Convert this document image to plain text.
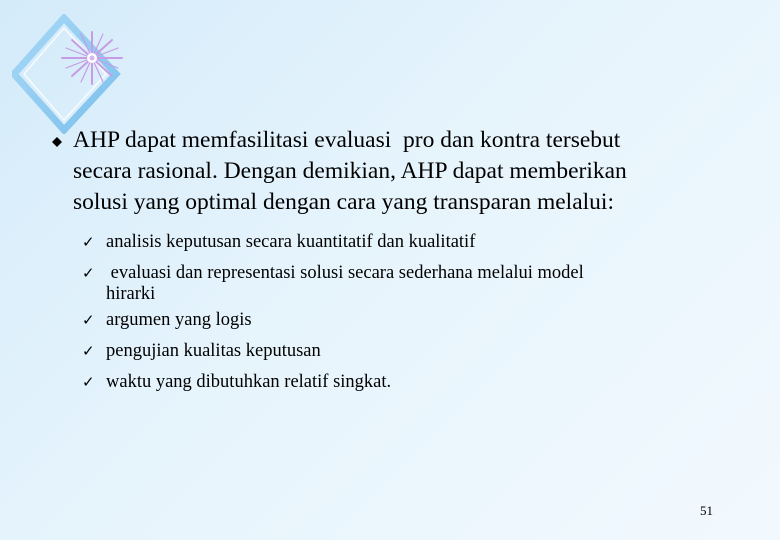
AHP dapat memfasilitasi evaluasi  pro dan kontra tersebut
secara rasional. Dengan demikian, AHP dapat memberikan
solusi yang optimal dengan cara yang transparan melalui:

✓ analisis keputusan secara kuantitatif dan kualitatif
✓ evaluasi dan representasi solusi secara sederhana melalui model
hirarki
✓ argumen yang logis
✓ pengujian kualitas keputusan
✓ waktu yang dibutuhkan relatif singkat.
51
